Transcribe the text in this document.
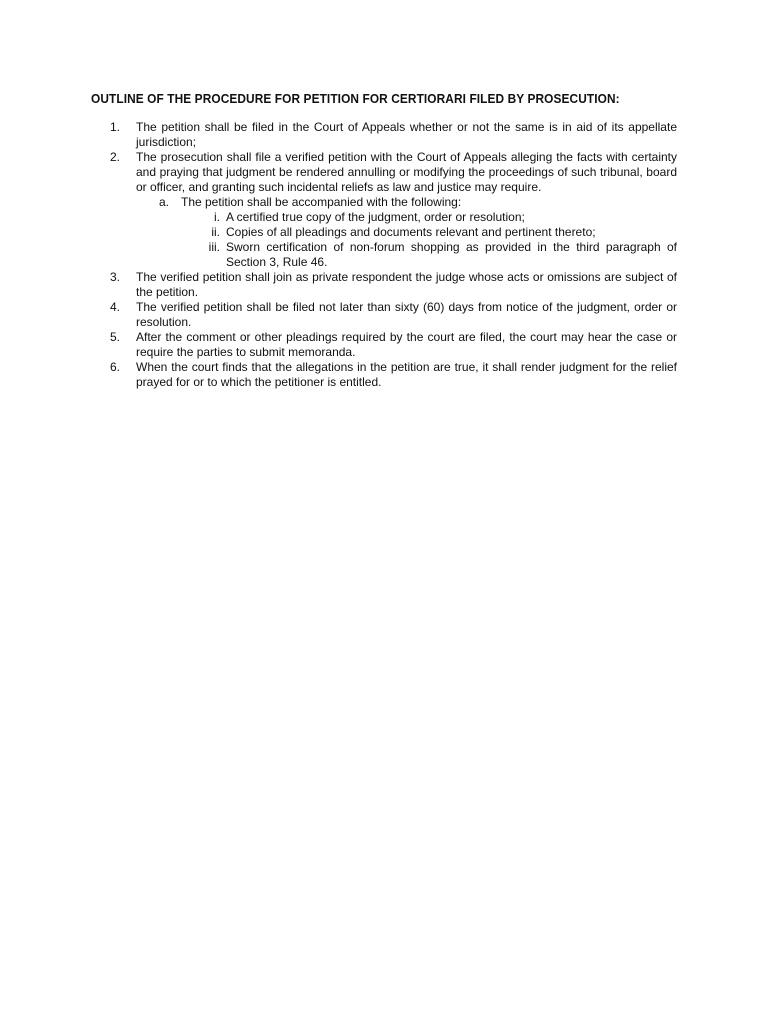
OUTLINE OF THE PROCEDURE FOR PETITION FOR CERTIORARI FILED BY PROSECUTION:
1.	The petition shall be filed in the Court of Appeals whether or not the same is in aid of its appellate jurisdiction;
2.	The prosecution shall file a verified petition with the Court of Appeals alleging the facts with certainty and praying that judgment be rendered annulling or modifying the proceedings of such tribunal, board or officer, and granting such incidental reliefs as law and justice may require.
a. The petition shall be accompanied with the following:
i. A certified true copy of the judgment, order or resolution;
ii. Copies of all pleadings and documents relevant and pertinent thereto;
iii. Sworn certification of non-forum shopping as provided in the third paragraph of Section 3, Rule 46.
3.	The verified petition shall join as private respondent the judge whose acts or omissions are subject of the petition.
4.	The verified petition shall be filed not later than sixty (60) days from notice of the judgment, order or resolution.
5.	After the comment or other pleadings required by the court are filed, the court may hear the case or require the parties to submit memoranda.
6.	When the court finds that the allegations in the petition are true, it shall render judgment for the relief prayed for or to which the petitioner is entitled.
